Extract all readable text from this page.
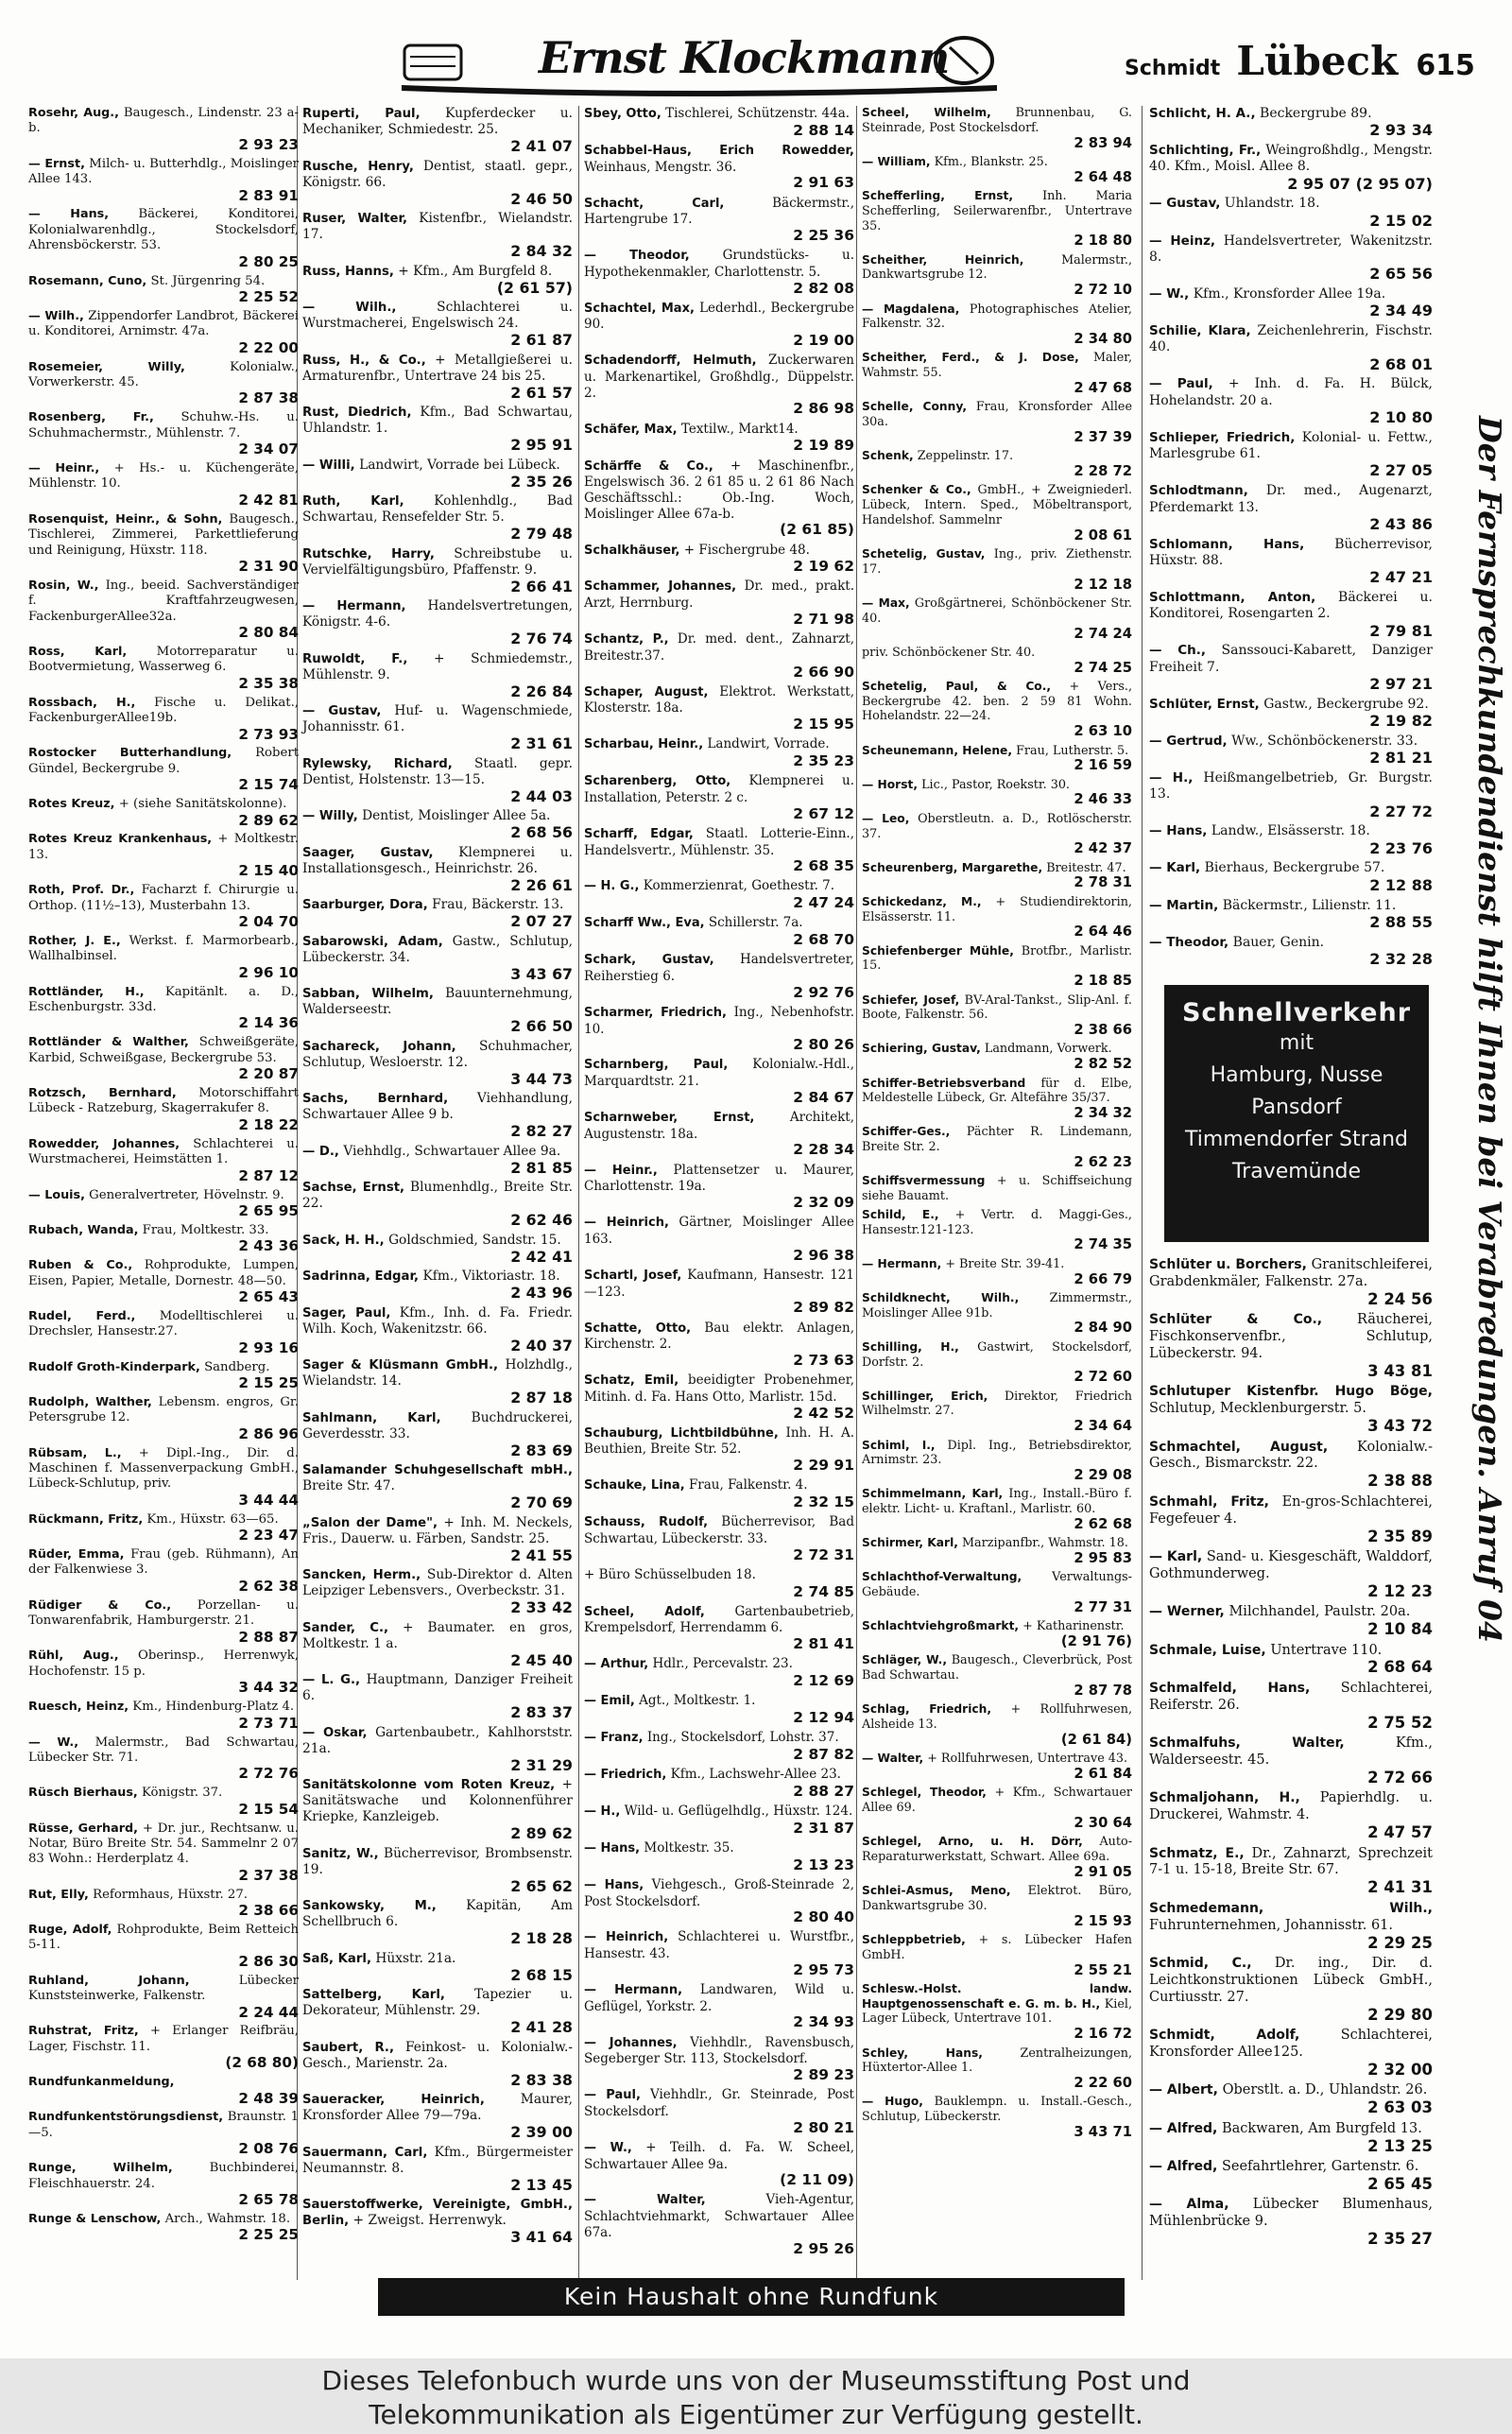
Ernst Klockmann	Schmidt Lübeck 615
Rosehr, Aug., Baugesch., Lindenstr. 23 a-b.
2 93 23
— Ernst, Milch- u. Butterhdlg., Moislinger Allee 143.
2 83 91
— Hans, Bäckerei, Konditorei, Kolonialwarenhdlg., Stockelsdorf, Ahrensböckerstr. 53.
2 80 25
Rosemann, Cuno, St. Jürgenring 54.
2 25 52
— Wilh., Zippendorfer Landbrot, Bäckerei u. Konditorei, Arnimstr. 47a.
2 22 00
Rosemeier, Willy,	Kolonialw., Vorwerkerstr. 45.
2 87 38
Rosenberg, Fr., Schuhw.-Hs. u. Schuhmachermstr., Mühlenstr. 7.
2 34 07
— Heinr., + Hs.- u. Küchengeräte, Mühlenstr. 10.
2 42 81
Rosenquist, Heinr., & Sohn, Baugesch., Tischlerei, Zimmerei, Parkettlieferung und Reinigung, Hüxstr. 118.
2 31 90
Rosin, W., Ing., beeid. Sachverständiger f. Kraftfahrzeugwesen, FackenburgerAllee32a.
2 80 84
Ross, Karl, Motorreparatur u. Bootvermietung, Wasserweg 6.
2 35 38
Rossbach, H., Fische u. Delikat., FackenburgerAllee19b.
2 73 93
Rostocker Butterhandlung, Robert Gündel, Beckergrube 9.
2 15 74
Rotes Kreuz, + (siehe Sanitätskolonne).
2 89 62
Rotes Kreuz Krankenhaus, + Moltkestr. 13.
2 15 40
Roth, Prof. Dr., Facharzt f. Chirurgie u. Orthop. (11½–13), Musterbahn 13.
2 04 70
Rother, J. E., Werkst. f. Marmorbearb., Wallhalbinsel.
2 96 10
Rottländer, H., Kapitänlt. a. D., Eschenburgstr. 33d.
2 14 36
Rottländer & Walther, Schweißgeräte, Karbid, Schweißgase, Beckergrube 53.
2 20 87
Rotzsch, Bernhard, Motorschiffahrt Lübeck - Ratzeburg, Skagerrakufer 8.
2 18 22
Rowedder, Johannes, Schlachterei u. Wurstmacherei, Heimstätten 1.
2 87 12
— Louis, Generalvertreter, Hövelnstr. 9.
2 65 95
Rubach, Wanda, Frau, Moltkestr. 33.
2 43 36
Ruben & Co., Rohprodukte, Lumpen, Eisen, Papier, Metalle, Dornestr. 48—50.
2 65 43
Rudel, Ferd., Modelltischlerei u. Drechsler, Hansestr.27.
2 93 16
Rudolf Groth-Kinderpark, Sandberg.
2 15 25
Rudolph, Walther, Lebensm. engros, Gr. Petersgrube 12.
2 86 96
Rübsam, L., + Dipl.-Ing., Dir. d. Maschinen f. Massenverpackung GmbH., Lübeck-Schlutup, priv.
3 44 44
Rückmann, Fritz, Km., Hüxstr. 63—65.
2 23 47
Rüder, Emma, Frau (geb. Rühmann), An der Falkenwiese 3.
2 62 38
Rüdiger & Co., Porzellan- u. Tonwarenfabrik, Hamburgerstr. 21.
2 88 87
Rühl, Aug., Oberinsp., Herrenwyk, Hochofenstr. 15 p.
3 44 32
Ruesch, Heinz, Km., Hindenburg-Platz 4.
2 73 71
— W., Malermstr., Bad Schwartau, Lübecker Str. 71.
2 72 76
Rüsch Bierhaus, Königstr. 37.
2 15 54
Rüsse, Gerhard, + Dr. jur., Rechtsanw. u. Notar, Büro Breite Str. 54. Sammelnr 2 07 83 Wohn.: Herderplatz 4.
2 37 38
Rut, Elly, Reformhaus, Hüxstr. 27.
2 38 66
Ruge, Adolf, Rohprodukte, Beim Retteich 5-11.
2 86 30
Ruhland, Johann,	Lübecker Kunststeinwerke, Falkenstr.
2 24 44
Ruhstrat, Fritz, + Erlanger Reifbräu, Lager, Fischstr. 11.
(2 68 80)
Rundfunkanmeldung,
2 48 39
Rundfunkentstörungsdienst, Braunstr. 1—5.
2 08 76
Runge, Wilhelm,	Buchbinderei, Fleischhauerstr. 24.
2 65 78
Runge & Lenschow, Arch., Wahmstr. 18.
2 25 25
Ruperti, Paul, Kupferdecker u. Mechaniker, Schmiedestr. 25.
2 41 07
Rusche, Henry, Dentist, staatl. gepr., Königstr. 66.
2 46 50
Ruser, Walter, Kistenfbr., Wielandstr. 17.
2 84 32
Russ, Hanns, + Kfm., Am Burgfeld 8.
(2 61 57)
— Wilh.,	Schlachterei u. Wurstmacherei, Engelswisch 24.
2 61 87
Russ, H., & Co., + Metallgießerei u. Armaturenfbr., Untertrave 24 bis 25.
2 61 57
Rust, Diedrich, Kfm., Bad Schwartau, Uhlandstr. 1.
2 95 91
— Willi, Landwirt, Vorrade bei Lübeck.
2 35 26
Ruth, Karl, Kohlenhdlg., Bad Schwartau, Rensefelder Str. 5.
2 79 48
Rutschke, Harry, Schreibstube u. Vervielfältigungsbüro, Pfaffenstr. 9.
2 66 41
— Hermann, Handelsvertretungen, Königstr. 4-6.
2 76 74
Ruwoldt, F., + Schmiedemstr., Mühlenstr. 9.
2 26 84
— Gustav, Huf- u. Wagenschmiede, Johannisstr. 61.
2 31 61
Rylewsky, Richard, Staatl. gepr. Dentist, Holstenstr. 13—15.
2 44 03
— Willy, Dentist, Moislinger Allee 5a.
2 68 56
Saager, Gustav, Klempnerei u. Installationsgesch., Heinrichstr. 26.
2 26 61
Saarburger, Dora, Frau, Bäckerstr. 13.
2 07 27
Sabarowski, Adam, Gastw., Schlutup, Lübeckerstr. 34.
3 43 67
Sabban, Wilhelm, Bauunternehmung, Walderseestr.
2 66 50
Sachareck, Johann, Schuhmacher, Schlutup, Wesloerstr. 12.
3 44 73
Sachs, Bernhard, Viehhandlung, Schwartauer Allee 9 b.
2 82 27
— D., Viehhdlg., Schwartauer Allee 9a.
2 81 85
Sachse, Ernst, Blumenhdlg., Breite Str. 22.
2 62 46
Sack, H. H., Goldschmied, Sandstr. 15.
2 42 41
Sadrinna, Edgar, Kfm., Viktoriastr. 18.
2 43 96
Sager, Paul, Kfm., Inh. d. Fa. Friedr. Wilh. Koch, Wakenitzstr. 66.
2 40 37
Sager & Klüsmann GmbH., Holzhdlg., Wielandstr. 14.
2 87 18
Sahlmann, Karl, Buchdruckerei, Geverdesstr. 33.
2 83 69
Salamander Schuhgesellschaft mbH., Breite Str. 47.
2 70 69
„Salon der Dame", + Inh. M. Neckels, Fris., Dauerw. u. Färben, Sandstr. 25.
2 41 55
Sancken, Herm., Sub-Direktor d. Alten Leipziger Lebensvers., Overbeckstr. 31.
2 33 42
Sander, C., + Baumater. en gros, Moltkestr. 1 a.
2 45 40
— L. G., Hauptmann, Danziger Freiheit 6.
2 83 37
— Oskar, Gartenbaubetr., Kahlhorststr. 21a.
2 31 29
Sanitätskolonne vom Roten Kreuz, + Sanitätswache und Kolonnenführer Kriepke, Kanzleigeb.
2 89 62
Sanitz, W., Bücherrevisor, Brombsenstr. 19.
2 65 62
Sankowsky, M., Kapitän, Am Schellbruch 6.
2 18 28
Saß, Karl, Hüxstr. 21a.
2 68 15
Sattelberg, Karl, Tapezier u. Dekorateur, Mühlenstr. 29.
2 41 28
Saubert, R., Feinkost- u. Kolonialw.-Gesch., Marienstr. 2a.
2 83 38
Saueracker, Heinrich,	Maurer, Kronsforder Allee 79—79a.
2 39 00
Sauermann, Carl, Kfm., Bürgermeister Neumannstr. 8.
2 13 45
Sauerstoffwerke, Vereinigte, GmbH., Berlin, + Zweigst. Herrenwyk.
3 41 64
Sbey, Otto, Tischlerei, Schützenstr. 44a.
2 88 14
Schabbel-Haus, Erich Rowedder, Weinhaus, Mengstr. 36.
2 91 63
Schacht, Carl,	Bäckermstr., Hartengrube 17.
2 25 36
— Theodor,	Grundstücks- u. Hypothekenmakler, Charlottenstr. 5.
2 82 08
Schachtel, Max, Lederhdl., Beckergrube 90.
2 19 00
Schadendorff, Helmuth, Zuckerwaren u. Markenartikel, Großhdlg., Düppelstr. 2.
2 86 98
Schäfer, Max, Textilw., Markt14.
2 19 89
Schärffe & Co., + Maschinenfbr., Engelswisch 36. 2 61 85 u. 2 61 86 Nach Geschäftsschl.: Ob.-Ing. Woch, Moislinger Allee 67a-b.
(2 61 85)
Schalkhäuser, + Fischergrube 48.
2 19 62
Schammer, Johannes, Dr. med., prakt. Arzt, Herrnburg.
2 71 98
Schantz, P., Dr. med. dent., Zahnarzt, Breitestr.37.
2 66 90
Schaper, August, Elektrot. Werkstatt, Klosterstr. 18a.
2 15 95
Scharbau, Heinr., Landwirt, Vorrade.
2 35 23
Scharenberg, Otto, Klempnerei u. Installation, Peterstr. 2 c.
2 67 12
Scharff, Edgar, Staatl. Lotterie-Einn., Handelsvertr., Mühlenstr. 35.
2 68 35
— H. G., Kommerzienrat, Goethestr. 7.
2 47 24
Scharff Ww., Eva, Schillerstr. 7a.
2 68 70
Schark, Gustav, Handelsvertreter, Reiherstieg 6.
2 92 76
Scharmer, Friedrich, Ing., Nebenhofstr. 10.
2 80 26
Scharnberg, Paul, Kolonialw.-Hdl., Marquardtstr. 21.
2 84 67
Scharnweber, Ernst,	Architekt, Augustenstr. 18a.
2 28 34
— Heinr., Plattensetzer u. Maurer, Charlottenstr. 19a.
2 32 09
— Heinrich, Gärtner, Moislinger Allee 163.
2 96 38
Schartl, Josef, Kaufmann, Hansestr. 121—123.
2 89 82
Schatte, Otto, Bau elektr. Anlagen, Kirchenstr. 2.
2 73 63
Schatz, Emil, beeidigter Probenehmer, Mitinh. d. Fa. Hans Otto, Marlistr. 15d.
2 42 52
Schauburg, Lichtbildbühne, Inh. H. A. Beuthien, Breite Str. 52.
2 29 91
Schauke, Lina, Frau, Falkenstr. 4.
2 32 15
Schauss, Rudolf, Bücherrevisor, Bad Schwartau, Lübeckerstr. 33.
2 72 31
+ Büro Schüsselbuden 18.
2 74 85
Scheel, Adolf, Gartenbaubetrieb, Krempelsdorf, Herrendamm 6.
2 81 41
— Arthur, Hdlr., Percevalstr. 23.
2 12 69
— Emil, Agt., Moltkestr. 1.
2 12 94
— Franz, Ing., Stockelsdorf, Lohstr. 37.
2 87 82
— Friedrich, Kfm., Lachswehr-Allee 23.
2 88 27
— H., Wild- u. Geflügelhdlg., Hüxstr. 124.
2 31 87
— Hans, Moltkestr. 35.
2 13 23
— Hans, Viehgesch., Groß-Steinrade 2, Post Stockelsdorf.
2 80 40
— Heinrich, Schlachterei u. Wurstfbr., Hansestr. 43.
2 95 73
— Hermann, Landwaren, Wild u. Geflügel, Yorkstr. 2.
2 34 93
— Johannes, Viehhdlr., Ravensbusch, Segeberger Str. 113, Stockelsdorf.
2 89 23
— Paul, Viehhdlr., Gr. Steinrade, Post Stockelsdorf.
2 80 21
— W., + Teilh. d. Fa. W. Scheel, Schwartauer Allee 9a.
(2 11 09)
— Walter,	Vieh-Agentur, Schlachtviehmarkt, Schwartauer Allee 67a.
2 95 26
Scheel, Wilhelm, Brunnenbau, G. Steinrade, Post Stockelsdorf.
2 83 94
— William, Kfm., Blankstr. 25.
2 64 48
Schefferling, Ernst, Inh. Maria Schefferling, Seilerwarenfbr., Untertrave 35.
2 18 80
Scheither, Heinrich,	Malermstr., Dankwartsgrube 12.
2 72 10
— Magdalena, Photographisches Atelier, Falkenstr. 32.
2 34 80
Scheither, Ferd., & J. Dose, Maler, Wahmstr. 55.
2 47 68
Schelle, Conny, Frau, Kronsforder Allee 30a.
2 37 39
Schenk, Zeppelinstr. 17.
2 28 72
Schenker & Co., GmbH., + Zweigniederl. Lübeck, Intern. Sped., Möbeltransport, Handelshof. Sammelnr
2 08 61
Schetelig, Gustav, Ing., priv. Ziethenstr. 17.
2 12 18
— Max, Großgärtnerei, Schönböckener Str. 40.
2 74 24
priv. Schönböckener Str. 40.
2 74 25
Schetelig, Paul, & Co., + Vers., Beckergrube 42. ben. 2 59 81 Wohn. Hohelandstr. 22—24.
2 63 10
Scheunemann, Helene, Frau, Lutherstr. 5.
2 16 59
— Horst, Lic., Pastor, Roekstr. 30.
2 46 33
— Leo, Oberstleutn. a. D., Rotlöscherstr. 37.
2 42 37
Scheurenberg, Margarethe, Breitestr. 47.
2 78 31
Schickedanz, M., + Studiendirektorin, Elsässerstr. 11.
2 64 46
Schiefenberger Mühle, Brotfbr., Marlistr. 15.
2 18 85
Schiefer, Josef, BV-Aral-Tankst., Slip-Anl. f. Boote, Falkenstr. 56.
2 38 66
Schiering, Gustav, Landmann, Vorwerk.
2 82 52
Schiffer-Betriebsverband für d. Elbe, Meldestelle Lübeck, Gr. Altefähre 35/37.
2 34 32
Schiffer-Ges., Pächter R. Lindemann, Breite Str. 2.
2 62 23
Schiffsvermessung + u. Schiffseichung siehe Bauamt.
Schild, E., + Vertr. d. Maggi-Ges., Hansestr.121-123.
2 74 35
— Hermann, + Breite Str. 39-41.
2 66 79
Schildknecht, Wilh.,	Zimmermstr., Moislinger Allee 91b.
2 84 90
Schilling, H., Gastwirt, Stockelsdorf, Dorfstr. 2.
2 72 60
Schillinger, Erich, Direktor, Friedrich Wilhelmstr. 27.
2 34 64
Schiml, I., Dipl. Ing., Betriebsdirektor, Arnimstr. 23.
2 29 08
Schimmelmann, Karl, Ing., Install.-Büro f. elektr. Licht- u. Kraftanl., Marlistr. 60.
2 62 68
Schirmer, Karl, Marzipanfbr., Wahmstr. 18.
2 95 83
Schlachthof-Verwaltung,	Verwaltungs-Gebäude.
2 77 31
Schlachtviehgroßmarkt, + Katharinenstr.
(2 91 76)
Schläger, W., Baugesch., Cleverbrück, Post Bad Schwartau.
2 87 78
Schlag, Friedrich, + Rollfuhrwesen, Alsheide 13.
(2 61 84)
— Walter, + Rollfuhrwesen, Untertrave 43.
2 61 84
Schlegel, Theodor, + Kfm., Schwartauer Allee 69.
2 30 64
Schlegel, Arno, u. H. Dörr, Auto-Reparaturwerkstatt, Schwart. Allee 69a.
2 91 05
Schlei-Asmus, Meno, Elektrot. Büro, Dankwartsgrube 30.
2 15 93
Schleppbetrieb, + s. Lübecker Hafen GmbH.
2 55 21
Schlesw.-Holst. landw. Hauptgenossenschaft e. G. m. b. H., Kiel, Lager Lübeck, Untertrave 101.
2 16 72
Schley, Hans,	Zentralheizungen, Hüxtertor-Allee 1.
2 22 60
— Hugo, Bauklempn. u. Install.-Gesch., Schlutup, Lübeckerstr.
3 43 71
Schlicht, H. A., Beckergrube 89.
2 93 34
Schlichting, Fr., Weingroßhdlg., Mengstr. 40. Kfm., Moisl. Allee 8.
2 95 07 (2 95 07)
— Gustav, Uhlandstr. 18.
2 15 02
— Heinz, Handelsvertreter, Wakenitzstr. 8.
2 65 56
— W., Kfm., Kronsforder Allee 19a.
2 34 49
Schilie, Klara, Zeichenlehrerin, Fischstr. 40.
2 68 01
— Paul, + Inh. d. Fa. H. Bülck, Hohelandstr. 20 a.
2 10 80
Schlieper, Friedrich, Kolonial- u. Fettw., Marlesgrube 61.
2 27 05
Schlodtmann, Dr. med., Augenarzt, Pferdemarkt 13.
2 43 86
Schlomann, Hans, Bücherrevisor, Hüxstr. 88.
2 47 21
Schlottmann, Anton, Bäckerei u. Konditorei, Rosengarten 2.
2 79 81
— Ch., Sanssouci-Kabarett, Danziger Freiheit 7.
2 97 21
Schlüter, Ernst, Gastw., Beckergrube 92.
2 19 82
— Gertrud, Ww., Schönböckenerstr. 33.
2 81 21
— H., Heißmangelbetrieb, Gr. Burgstr. 13.
2 27 72
— Hans, Landw., Elsässerstr. 18.
2 23 76
— Karl, Bierhaus, Beckergrube 57.
2 12 88
— Martin, Bäckermstr., Lilienstr. 11.
2 88 55
— Theodor, Bauer, Genin.
2 32 28
Schnellverkehr
mit
Hamburg, Nusse
Pansdorf
Timmendorfer Strand
Travemünde
Schlüter u. Borchers, Granitschleiferei, Grabdenkmäler, Falkenstr. 27a.
2 24 56
Schlüter & Co.,	Räucherei, Fischkonservenfbr., Schlutup, Lübeckerstr. 94.
3 43 81
Schlutuper Kistenfbr. Hugo Böge, Schlutup, Mecklenburgerstr. 5.
3 43 72
Schmachtel, August, Kolonialw.-Gesch., Bismarckstr. 22.
2 38 88
Schmahl, Fritz, En-gros-Schlachterei, Fegefeuer 4.
2 35 89
— Karl, Sand- u. Kiesgeschäft, Walddorf, Gothmunderweg.
2 12 23
— Werner, Milchhandel, Paulstr. 20a.
2 10 84
Schmale, Luise, Untertrave 110.
2 68 64
Schmalfeld, Hans, Schlachterei, Reiferstr. 26.
2 75 52
Schmalfuhs, Walter,	Kfm., Walderseestr. 45.
2 72 66
Schmaljohann, H., Papierhdlg. u. Druckerei, Wahmstr. 4.
2 47 57
Schmatz, E., Dr., Zahnarzt, Sprechzeit 7-1 u. 15-18, Breite Str. 67.
2 41 31
Schmedemann, Wilh., Fuhrunternehmen, Johannisstr. 61.
2 29 25
Schmid, C., Dr. ing., Dir. d. Leichtkonstruktionen Lübeck GmbH., Curtiusstr. 27.
2 29 80
Schmidt, Adolf,	Schlachterei, Kronsforder Allee125.
2 32 00
— Albert, Oberstlt. a. D., Uhlandstr. 26.
2 63 03
— Alfred, Backwaren, Am Burgfeld 13.
2 13 25
— Alfred, Seefahrtlehrer, Gartenstr. 6.
2 65 45
— Alma, Lübecker Blumenhaus, Mühlenbrücke 9.
2 35 27
Der Fernsprechkundendienst hilft Ihnen bei Verabredungen. Anruf 04
Kein Haushalt ohne Rundfunk
Dieses Telefonbuch wurde uns von der Museumsstiftung Post und
Telekommunikation als Eigentümer zur Verfügung gestellt.
